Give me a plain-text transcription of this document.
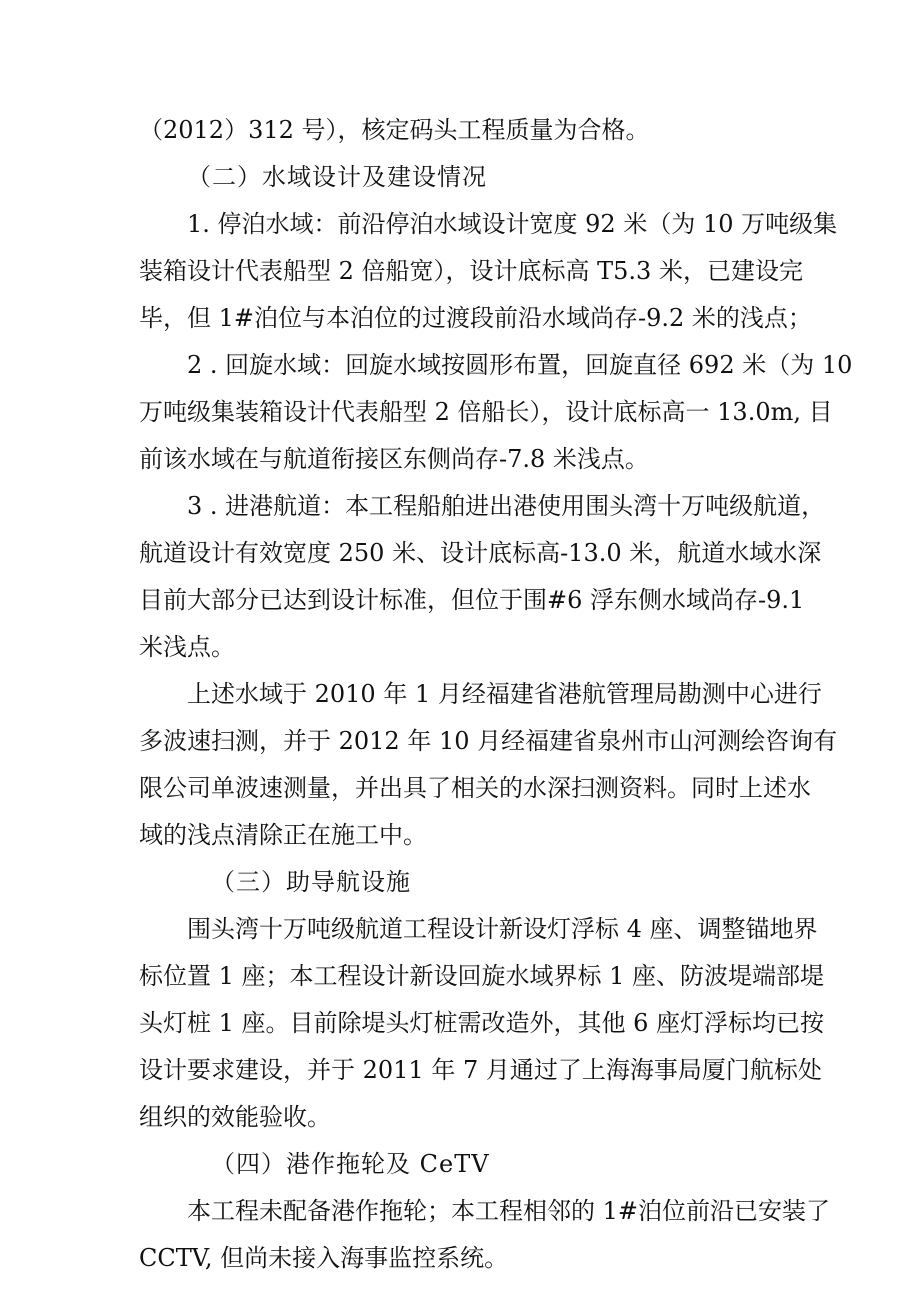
（2012）312 号），核定码头工程质量为合格。
（二）水域设计及建设情况
1. 停泊水域：前沿停泊水域设计宽度 92 米（为 10 万吨级集
装箱设计代表船型 2 倍船宽），设计底标高 T5.3 米，已建设完
毕，但 1#泊位与本泊位的过渡段前沿水域尚存-9.2 米的浅点；
2 . 回旋水域：回旋水域按圆形布置，回旋直径 692 米（为 10
万吨级集装箱设计代表船型 2 倍船长），设计底标高一 13.0m, 目
前该水域在与航道衔接区东侧尚存-7.8 米浅点。
3 . 进港航道：本工程船舶进出港使用围头湾十万吨级航道，
航道设计有效宽度 250 米、设计底标高-13.0 米，航道水域水深
目前大部分已达到设计标准，但位于围#6 浮东侧水域尚存-9.1
米浅点。
上述水域于 2010 年 1 月经福建省港航管理局勘测中心进行
多波速扫测，并于 2012 年 10 月经福建省泉州市山河测绘咨询有
限公司单波速测量，并出具了相关的水深扫测资料。同时上述水
域的浅点清除正在施工中。
（三）助导航设施
围头湾十万吨级航道工程设计新设灯浮标 4 座、调整锚地界
标位置 1 座；本工程设计新设回旋水域界标 1 座、防波堤端部堤
头灯桩 1 座。目前除堤头灯桩需改造外，其他 6 座灯浮标均已按
设计要求建设，并于 2011 年 7 月通过了上海海事局厦门航标处
组织的效能验收。
（四）港作拖轮及 CeTV
本工程未配备港作拖轮；本工程相邻的 1#泊位前沿已安装了
CCTV, 但尚未接入海事监控系统。
